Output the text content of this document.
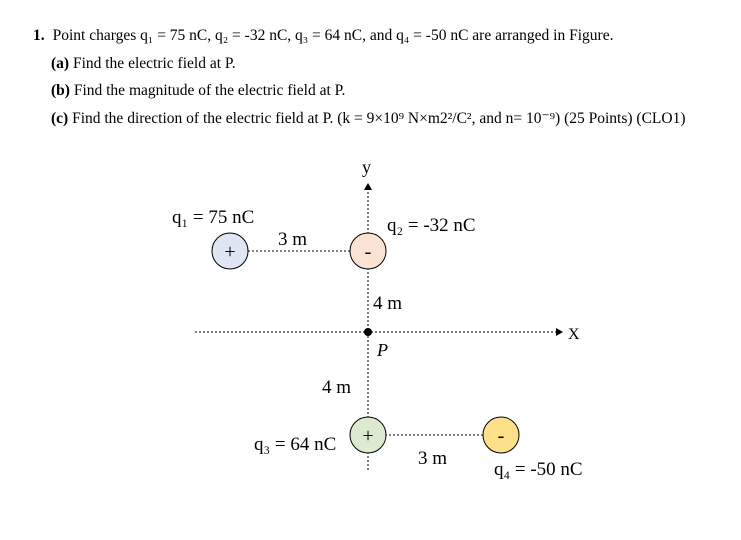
1. Point charges q₁ = 75 nC, q₂ = -32 nC, q₃ = 64 nC, and q₄ = -50 nC are arranged in Figure.
(a) Find the electric field at P.
(b) Find the magnitude of the electric field at P.
(c) Find the direction of the electric field at P. (k = 9×10⁹ N×m2²/C², and n= 10⁻⁹) (25 Points) (CLO1)
y
X
P
+
q₁ = 75 nC
-
q₂ = -32 nC
+
q₃ = 64 nC	-
q₄ = -50 nC
3 m
4 m
4 m
3 m
